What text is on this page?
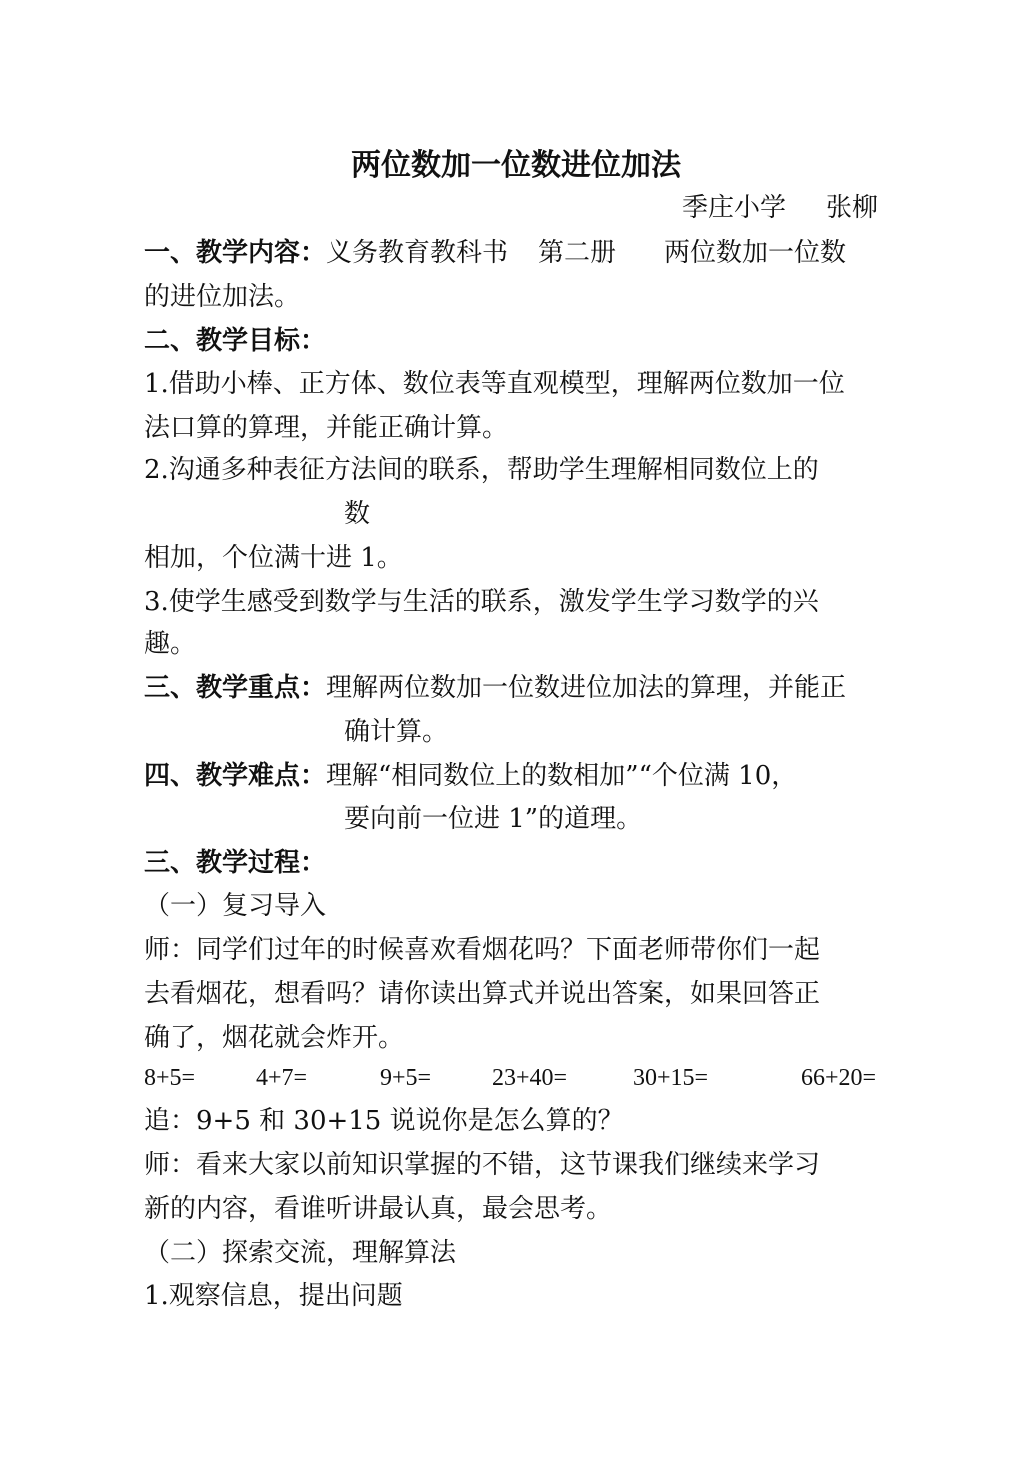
两位数加一位数进位加法
季庄小学 张柳
一、教学内容：义务教育教科书 第二册 两位数加一位数
的进位加法。
二、教学目标：
1.借助小棒、正方体、数位表等直观模型，理解两位数加一位
法口算的算理，并能正确计算。
2.沟通多种表征方法间的联系，帮助学生理解相同数位上的
数
相加，个位满十进 1。
3.使学生感受到数学与生活的联系，激发学生学习数学的兴
趣。
三、教学重点：理解两位数加一位数进位加法的算理，并能正
确计算。
四、教学难点：理解“相同数位上的数相加”“个位满 10，
要向前一位进 1”的道理。
三、教学过程：
（一）复习导入
师：同学们过年的时候喜欢看烟花吗？下面老师带你们一起
去看烟花，想看吗？请你读出算式并说出答案，如果回答正
确了，烟花就会炸开。
8+5=	4+7=	9+5=	23+40=	30+15=	66+20=
追：9+5 和 30+15 说说你是怎么算的？
师：看来大家以前知识掌握的不错，这节课我们继续来学习
新的内容，看谁听讲最认真，最会思考。
（二）探索交流，理解算法
1.观察信息，提出问题
